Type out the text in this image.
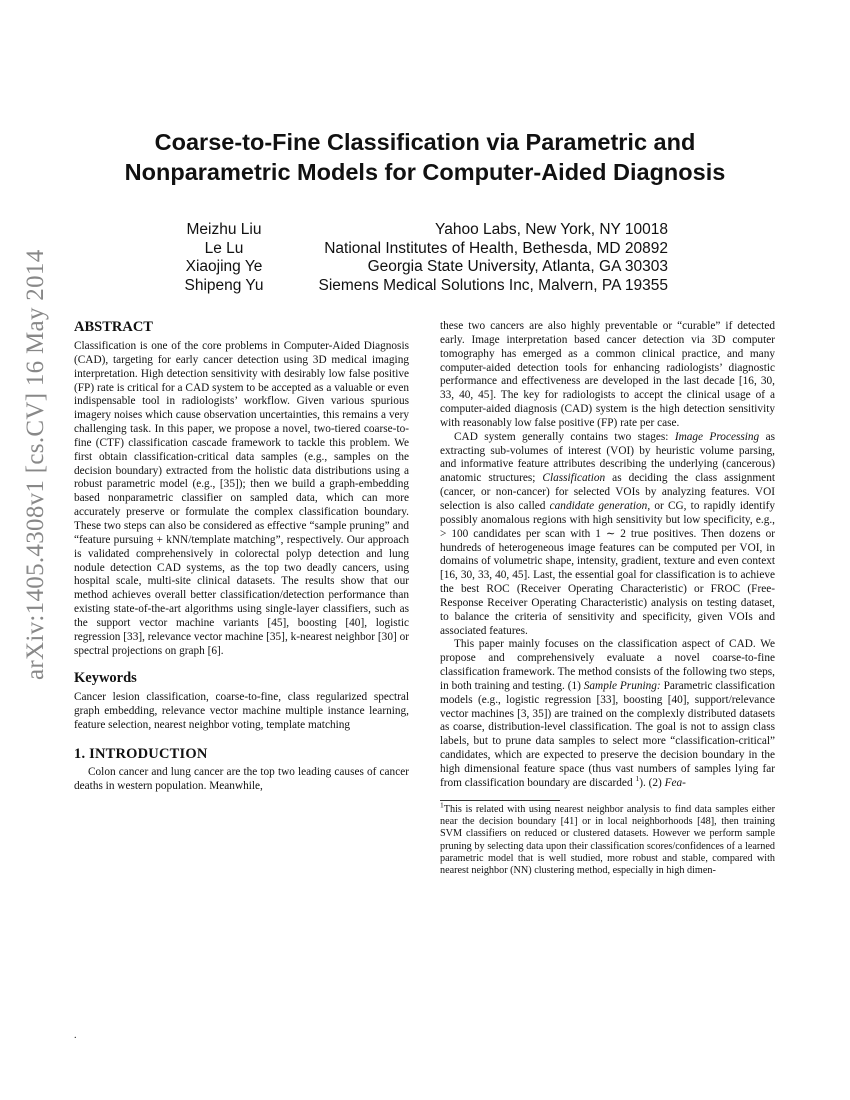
arXiv:1405.4308v1 [cs.CV] 16 May 2014
Coarse-to-Fine Classification via Parametric and
Nonparametric Models for Computer-Aided Diagnosis
Meizhu Liu	Yahoo Labs, New York, NY 10018
Le Lu	National Institutes of Health, Bethesda, MD 20892
Xiaojing Ye	Georgia State University, Atlanta, GA 30303
Shipeng Yu	Siemens Medical Solutions Inc, Malvern, PA 19355
ABSTRACT

Classification is one of the core problems in Computer-Aided Diagnosis (CAD), targeting for early cancer detection using 3D medical imaging interpretation. High detection sensitivity with desirably low false positive (FP) rate is critical for a CAD system to be accepted as a valuable or even indispensable tool in radiologists’ workflow. Given various spurious imagery noises which cause observation uncertainties, this remains a very challenging task. In this paper, we propose a novel, two-tiered coarse-to-fine (CTF) classification cascade framework to tackle this problem. We first obtain classification-critical data samples (e.g., samples on the decision boundary) extracted from the holistic data distributions using a robust parametric model (e.g., [35]); then we build a graph-embedding based nonparametric classifier on sampled data, which can more accurately preserve or formulate the complex classification boundary. These two steps can also be considered as effective “sample pruning” and “feature pursuing + kNN/template matching”, respectively. Our approach is validated comprehensively in colorectal polyp detection and lung nodule detection CAD systems, as the top two deadly cancers, using hospital scale, multi-site clinical datasets. The results show that our method achieves overall better classification/detection performance than existing state-of-the-art algorithms using single-layer classifiers, such as the support vector machine variants [45], boosting [40], logistic regression [33], relevance vector machine [35], k-nearest neighbor [30] or spectral projections on graph [6].

Keywords

Cancer lesion classification, coarse-to-fine, class regularized spectral graph embedding, relevance vector machine multiple instance learning, feature selection, nearest neighbor voting, template matching

1. INTRODUCTION

Colon cancer and lung cancer are the top two leading causes of cancer deaths in western population. Meanwhile,

these two cancers are also highly preventable or “curable” if detected early. Image interpretation based cancer detection via 3D computer tomography has emerged as a common clinical practice, and many computer-aided detection tools for enhancing radiologists’ diagnostic performance and effectiveness are developed in the last decade [16, 30, 33, 40, 45]. The key for radiologists to accept the clinical usage of a computer-aided diagnosis (CAD) system is the high detection sensitivity with reasonably low false positive (FP) rate per case.

CAD system generally contains two stages: Image Processing as extracting sub-volumes of interest (VOI) by heuristic volume parsing, and informative feature attributes describing the underlying (cancerous) anatomic structures; Classification as deciding the class assignment (cancer, or non-cancer) for selected VOIs by analyzing features. VOI selection is also called candidate generation, or CG, to rapidly identify possibly anomalous regions with high sensitivity but low specificity, e.g., > 100 candidates per scan with 1 ∼ 2 true positives. Then dozens or hundreds of heterogeneous image features can be computed per VOI, in domains of volumetric shape, intensity, gradient, texture and even context [16, 30, 33, 40, 45]. Last, the essential goal for classification is to achieve the best ROC (Receiver Operating Characteristic) or FROC (Free-Response Receiver Operating Characteristic) analysis on testing dataset, to balance the criteria of sensitivity and specificity, given VOIs and associated features.

This paper mainly focuses on the classification aspect of CAD. We propose and comprehensively evaluate a novel coarse-to-fine classification framework. The method consists of the following two steps, in both training and testing. (1) Sample Pruning: Parametric classification models (e.g., logistic regression [33], boosting [40], support/relevance vector machines [3, 35]) are trained on the complexly distributed datasets as coarse, distribution-level classification. The goal is not to assign class labels, but to prune data samples to select more “classification-critical” candidates, which are expected to preserve the decision boundary in the high dimensional feature space (thus vast numbers of samples lying far from classification boundary are discarded $^1$). (2) Fea-

$^1$This is related with using nearest neighbor analysis to find data samples either near the decision boundary [41] or in local neighborhoods [48], then training SVM classifiers on reduced or clustered datasets. However we perform sample pruning by selecting data upon their classification scores/confidences of a learned parametric model that is well studied, more robust and stable, compared with nearest neighbor (NN) clustering method, especially in high dimen-

.
